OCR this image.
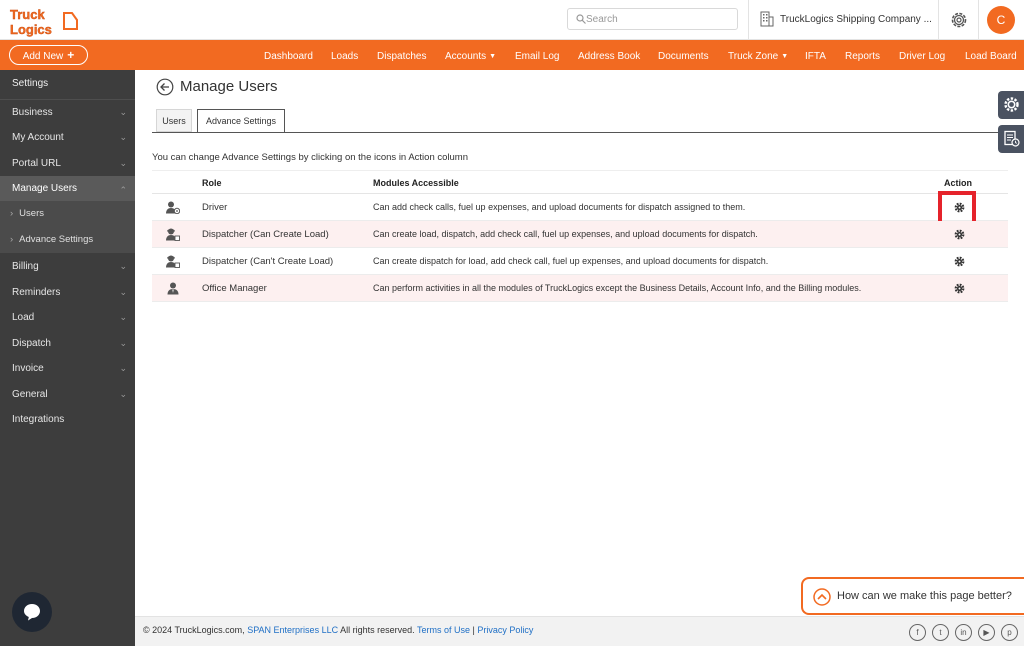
Truck
Logics
Search
TruckLogics Shipping Company ...	C
Dashboard Loads Dispatches Accounts ▼ Email Log Address Book Documents Truck Zone ▼ IFTA Reports Driver Log Load Board
Add New +
Settings
Business	⌄
My Account	⌄
Portal URL	⌄
Manage Users	⌃
› Users
› Advance Settings
Billing	⌄
Reminders	⌄
Load	⌄
Dispatch	⌄
Invoice	⌄
General	⌄
Integrations
Manage Users
Users	Advance Settings
You can change Advance Settings by clicking on the icons in Action column
Role	Modules Accessible	Action
Driver	Can add check calls, fuel up expenses, and upload documents for dispatch assigned to them.
Dispatcher (Can Create Load)	Can create load, dispatch, add check call, fuel up expenses, and upload documents for dispatch.
Dispatcher (Can't Create Load)	Can create dispatch for load, add check call, fuel up expenses, and upload documents for dispatch.
Office Manager	Can perform activities in all the modules of TruckLogics except the Business Details, Account Info, and the Billing modules.
How can we make this page better?
© 2024 TruckLogics.com, SPAN Enterprises LLC All rights reserved. Terms of Use | Privacy Policy	f	t	in	▶	p
